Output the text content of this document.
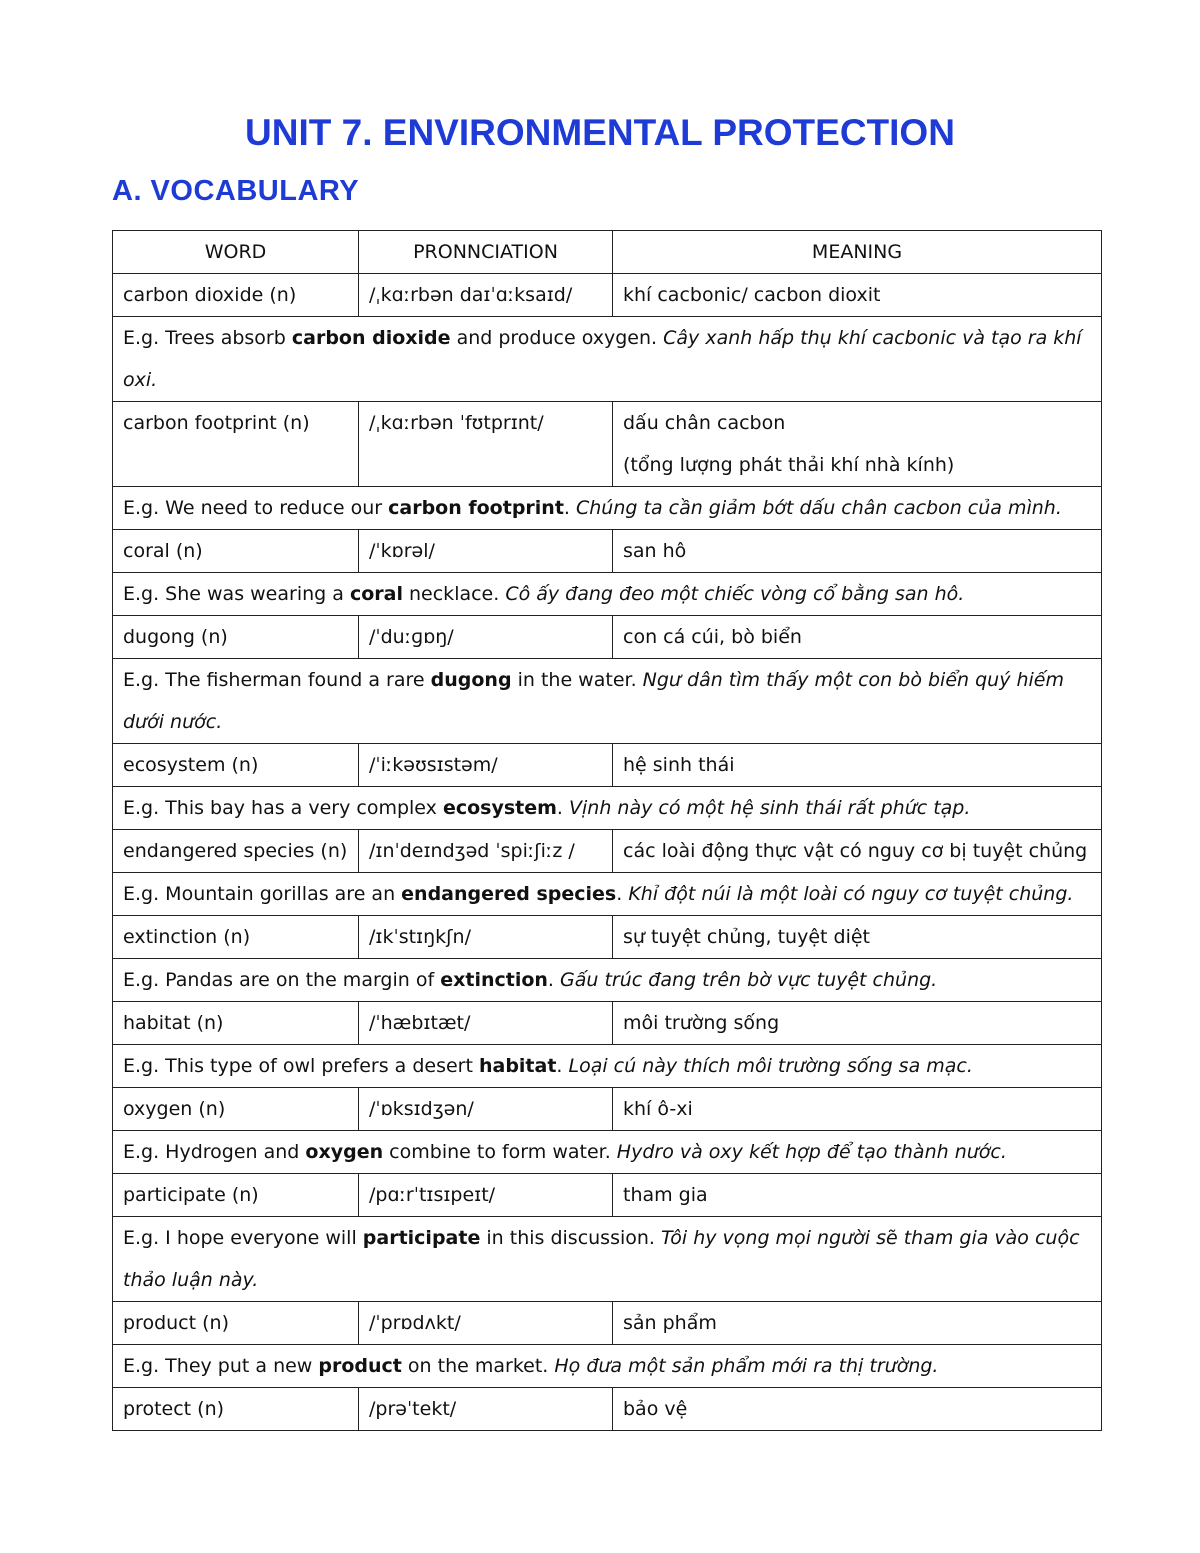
UNIT 7. ENVIRONMENTAL PROTECTION
A. VOCABULARY
WORD	PRONNCIATION	MEANING
carbon dioxide (n)	/ˌkɑːrbən daɪˈɑːksaɪd/	khí cacbonic/ cacbon dioxit
E.g. Trees absorb carbon dioxide and produce oxygen. Cây xanh hấp thụ khí cacbonic và tạo ra khí oxi.		
carbon footprint (n)	/ˌkɑːrbən ˈfʊtprɪnt/	dấu chân cacbon
(tổng lượng phát thải khí nhà kính)

E.g. We need to reduce our carbon footprint. Chúng ta cần giảm bớt dấu chân cacbon của mình.		
coral (n)	/ˈkɒrəl/	san hô
E.g. She was wearing a coral necklace. Cô ấy đang đeo một chiếc vòng cổ bằng san hô.		
dugong (n)	/ˈduːɡɒŋ/	con cá cúi, bò biển
E.g. The fisherman found a rare dugong in the water. Ngư dân tìm thấy một con bò biển quý hiếm dưới nước.		
ecosystem (n)	/ˈiːkəʊsɪstəm/	hệ sinh thái
E.g. This bay has a very complex ecosystem. Vịnh này có một hệ sinh thái rất phức tạp.		
endangered species (n)	/ɪnˈdeɪndʒəd ˈspiːʃiːz /	các loài động thực vật có nguy cơ bị tuyệt chủng
E.g. Mountain gorillas are an endangered species. Khỉ đột núi là một loài có nguy cơ tuyệt chủng.		
extinction (n)	/ɪkˈstɪŋkʃn/	sự tuyệt chủng, tuyệt diệt
E.g. Pandas are on the margin of extinction. Gấu trúc đang trên bờ vực tuyệt chủng.		
habitat (n)	/ˈhæbɪtæt/	môi trường sống
E.g. This type of owl prefers a desert habitat. Loại cú này thích môi trường sống sa mạc.		
oxygen (n)	/ˈɒksɪdʒən/	khí ô-xi
E.g. Hydrogen and oxygen combine to form water. Hydro và oxy kết hợp để tạo thành nước.		
participate (n)	/pɑːrˈtɪsɪpeɪt/	tham gia
E.g. I hope everyone will participate in this discussion. Tôi hy vọng mọi người sẽ tham gia vào cuộc thảo luận này.		
product (n)	/ˈprɒdʌkt/	sản phẩm
E.g. They put a new product on the market. Họ đưa một sản phẩm mới ra thị trường.		
protect (n)	/prəˈtekt/	bảo vệ
